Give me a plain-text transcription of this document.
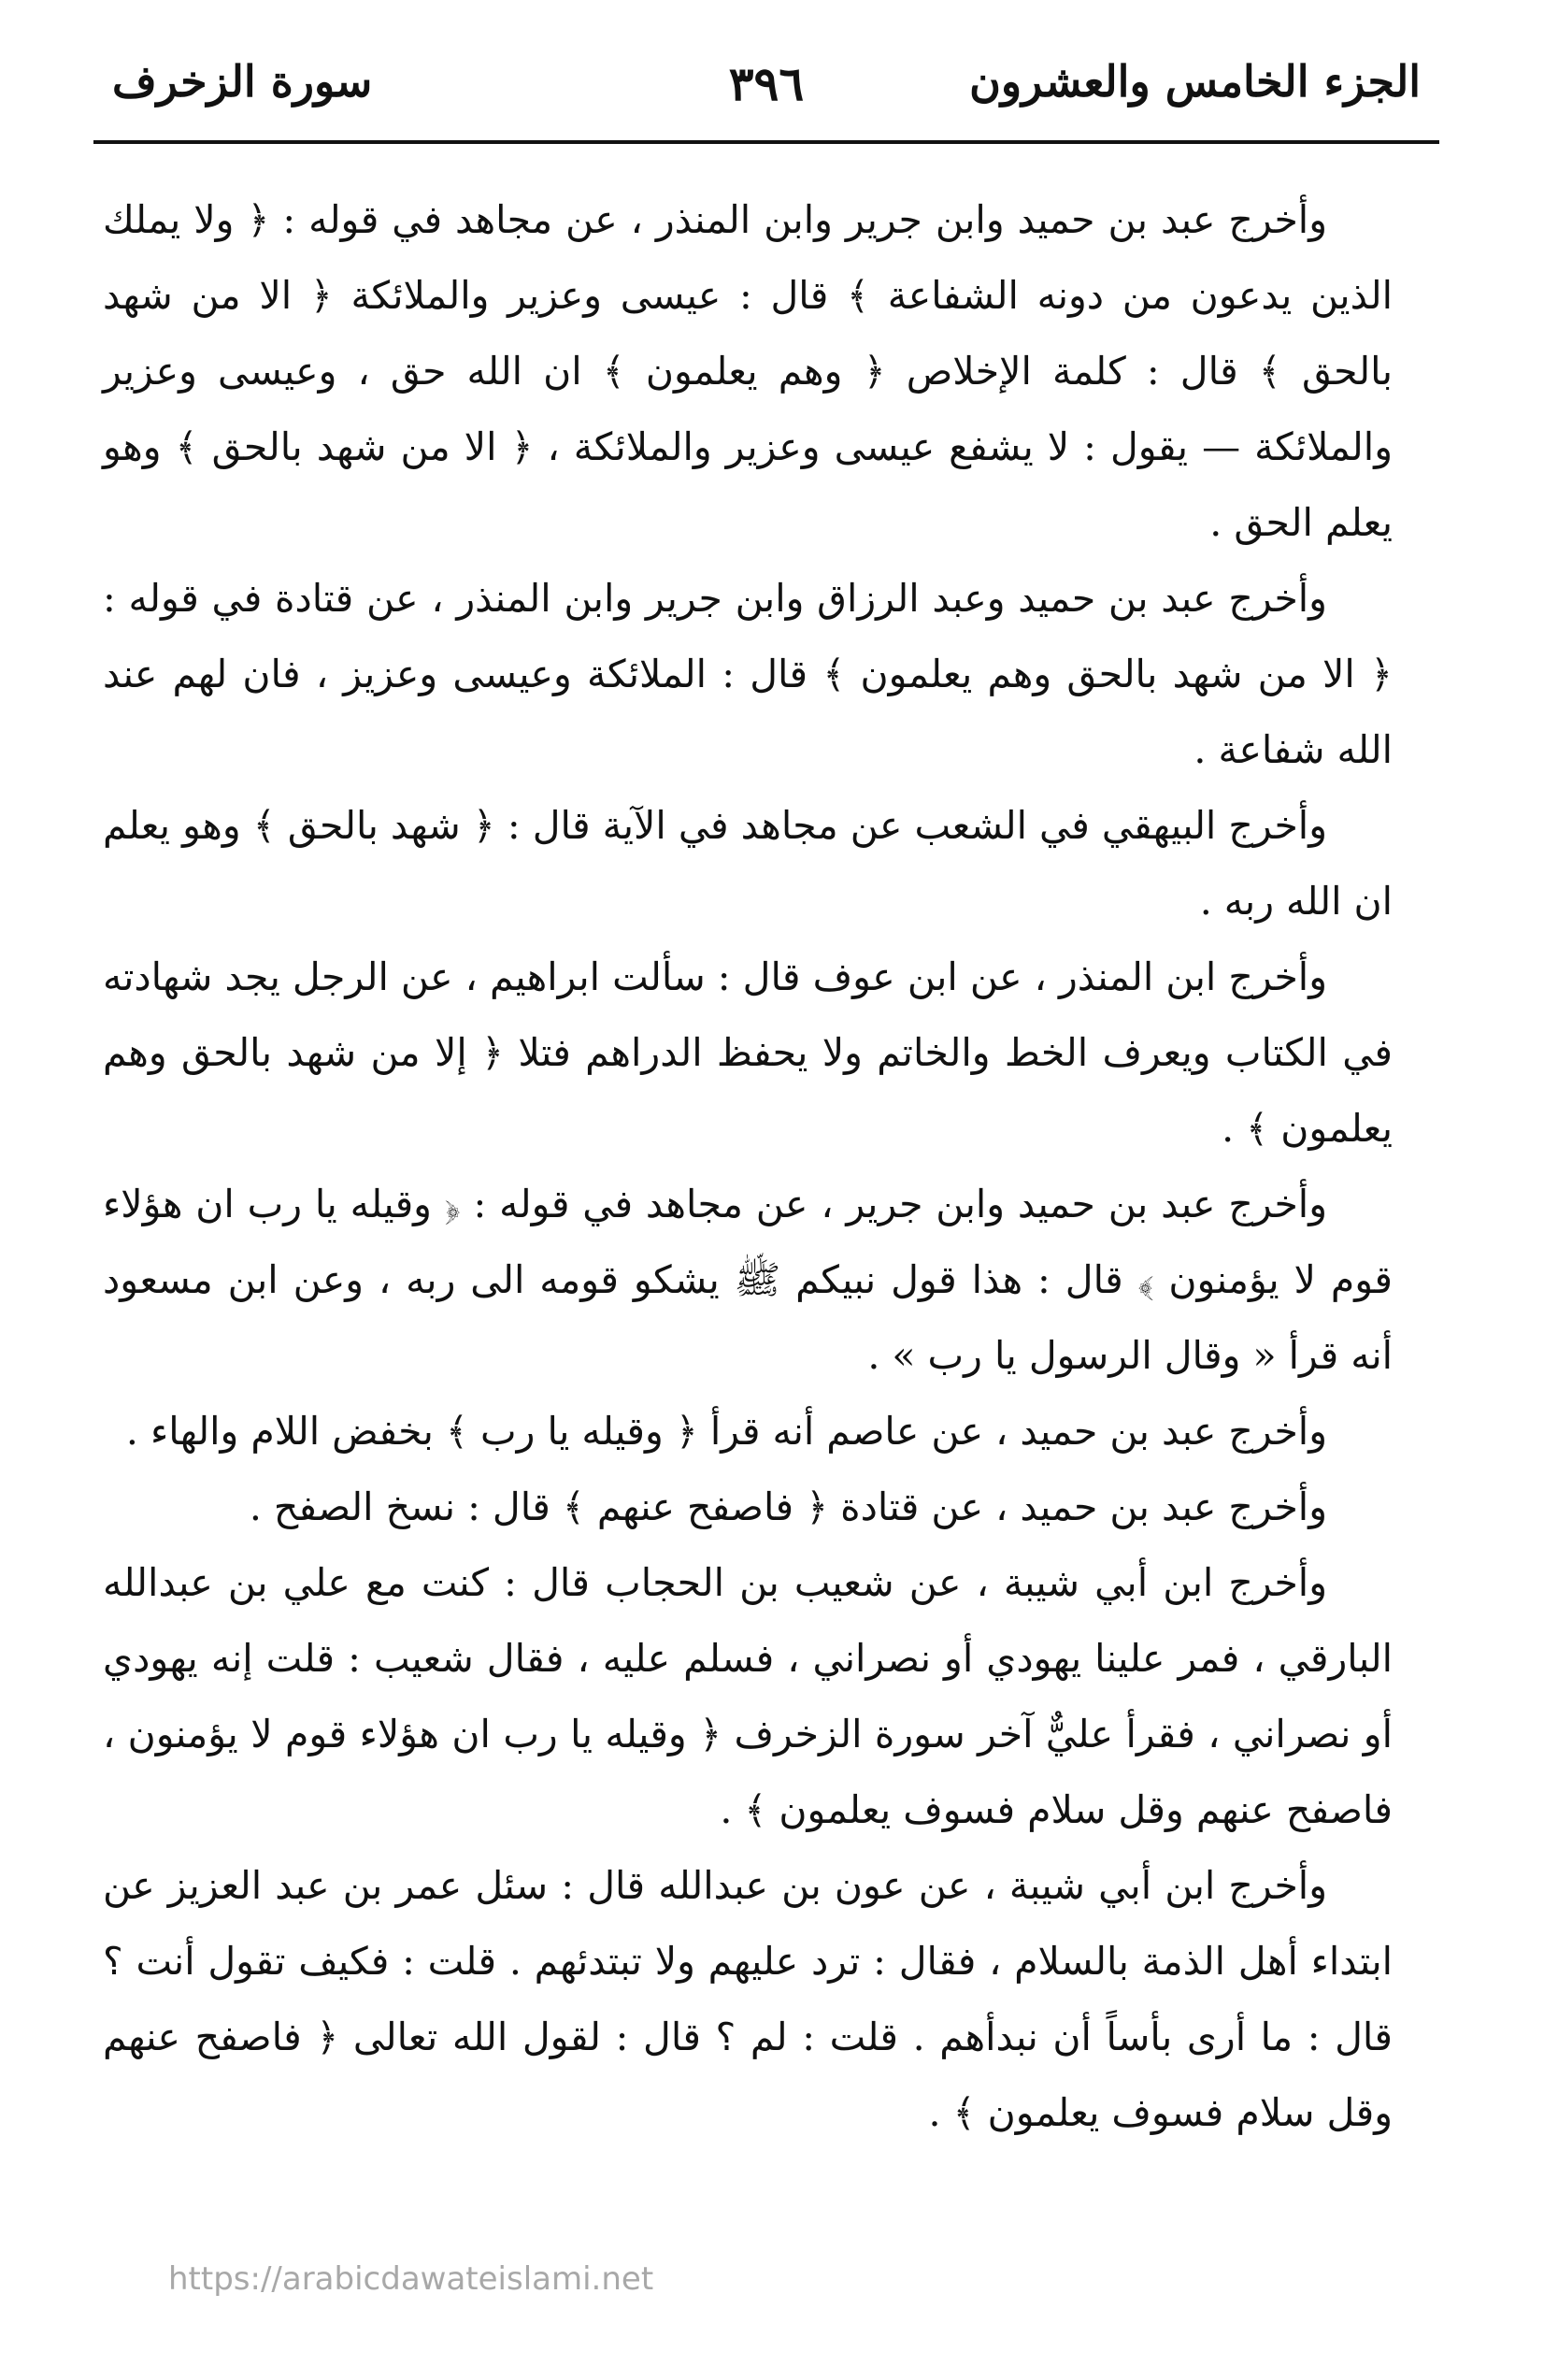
الجزء الخامس والعشرون
٣٩٦
سورة الزخرف

وأخرج عبد بن حميد وابن جرير وابن المنذر ، عن مجاهد في قوله : ﴿ ولا يملك الذين يدعون من دونه الشفاعة ﴾ قال : عيسى وعزير والملائكة ﴿ الا من شهد بالحق ﴾ قال : كلمة الإخلاص ﴿ وهم يعلمون ﴾ ان الله حق ، وعيسى وعزير والملائكة — يقول : لا يشفع عيسى وعزير والملائكة ، ﴿ الا من شهد بالحق ﴾ وهو يعلم الحق .

وأخرج عبد بن حميد وعبد الرزاق وابن جرير وابن المنذر ، عن قتادة في قوله : ﴿ الا من شهد بالحق وهم يعلمون ﴾ قال : الملائكة وعيسى وعزيز ، فان لهم عند الله شفاعة .

وأخرج البيهقي في الشعب عن مجاهد في الآية قال : ﴿ شهد بالحق ﴾ وهو يعلم ان الله ربه .

وأخرج ابن المنذر ، عن ابن عوف قال : سألت ابراهيم ، عن الرجل يجد شهادته في الكتاب ويعرف الخط والخاتم ولا يحفظ الدراهم فتلا ﴿ إلا من شهد بالحق وهم يعلمون ﴾ .

وأخرج عبد بن حميد وابن جرير ، عن مجاهد في قوله : ﴿ وقيله يا رب ان هؤلاء قوم لا يؤمنون ﴾ قال : هذا قول نبيكم ﷺ يشكو قومه الى ربه ، وعن ابن مسعود أنه قرأ « وقال الرسول يا رب » .

وأخرج عبد بن حميد ، عن عاصم أنه قرأ ﴿ وقيله يا رب ﴾ بخفض اللام والهاء .

وأخرج عبد بن حميد ، عن قتادة ﴿ فاصفح عنهم ﴾ قال : نسخ الصفح .

وأخرج ابن أبي شيبة ، عن شعيب بن الحجاب قال : كنت مع علي بن عبدالله البارقي ، فمر علينا يهودي أو نصراني ، فسلم عليه ، فقال شعيب : قلت إنه يهودي أو نصراني ، فقرأ عليٌّ آخر سورة الزخرف ﴿ وقيله يا رب ان هؤلاء قوم لا يؤمنون ، فاصفح عنهم وقل سلام فسوف يعلمون ﴾ .

وأخرج ابن أبي شيبة ، عن عون بن عبدالله قال : سئل عمر بن عبد العزيز عن ابتداء أهل الذمة بالسلام ، فقال : ترد عليهم ولا تبتدئهم . قلت : فكيف تقول أنت ؟ قال : ما أرى بأساً أن نبدأهم . قلت : لم ؟ قال : لقول الله تعالى ﴿ فاصفح عنهم وقل سلام فسوف يعلمون ﴾ .

https://arabicdawateislami.net
